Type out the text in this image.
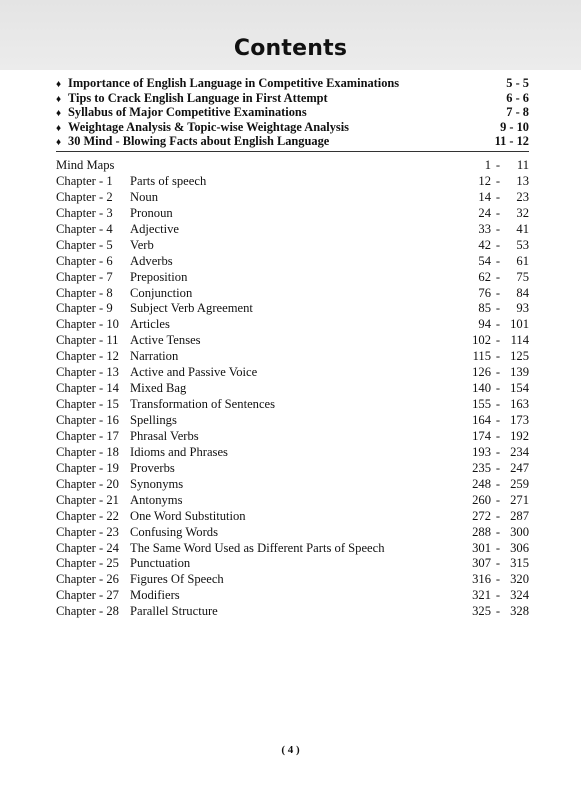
Contents
♦ Importance of English Language in Competitive Examinations	5 - 5
♦ Tips to Crack English Language in First Attempt	6 - 6
♦ Syllabus of Major Competitive Examinations	7 - 8
♦ Weightage Analysis & Topic-wise Weightage Analysis	9 - 10
♦ 30 Mind - Blowing Facts about English Language	11 - 12
Mind Maps	1 -	11
Chapter - 1 Parts of speech	12 -	13
Chapter - 2 Noun	14 -	23
Chapter - 3 Pronoun	24 -	32
Chapter - 4 Adjective	33 -	41
Chapter - 5 Verb	42 -	53
Chapter - 6 Adverbs	54 -	61
Chapter - 7 Preposition	62 -	75
Chapter - 8 Conjunction	76 -	84
Chapter - 9 Subject Verb Agreement	85 -	93
Chapter - 10 Articles	94 - 101
Chapter - 11 Active Tenses	102 - 114
Chapter - 12 Narration	115 - 125
Chapter - 13 Active and Passive Voice	126 - 139
Chapter - 14 Mixed Bag	140 - 154
Chapter - 15 Transformation of Sentences	155 - 163
Chapter - 16 Spellings	164 - 173
Chapter - 17 Phrasal Verbs	174 - 192
Chapter - 18 Idioms and Phrases	193 - 234
Chapter - 19 Proverbs	235 - 247
Chapter - 20 Synonyms	248 - 259
Chapter - 21 Antonyms	260 - 271
Chapter - 22 One Word Substitution	272 - 287
Chapter - 23 Confusing Words	288 - 300
Chapter - 24 The Same Word Used as Different Parts of Speech	301 - 306
Chapter - 25 Punctuation	307 - 315
Chapter - 26 Figures Of Speech	316 - 320
Chapter - 27 Modifiers	321 - 324
Chapter - 28 Parallel Structure	325 - 328
( 4 )
